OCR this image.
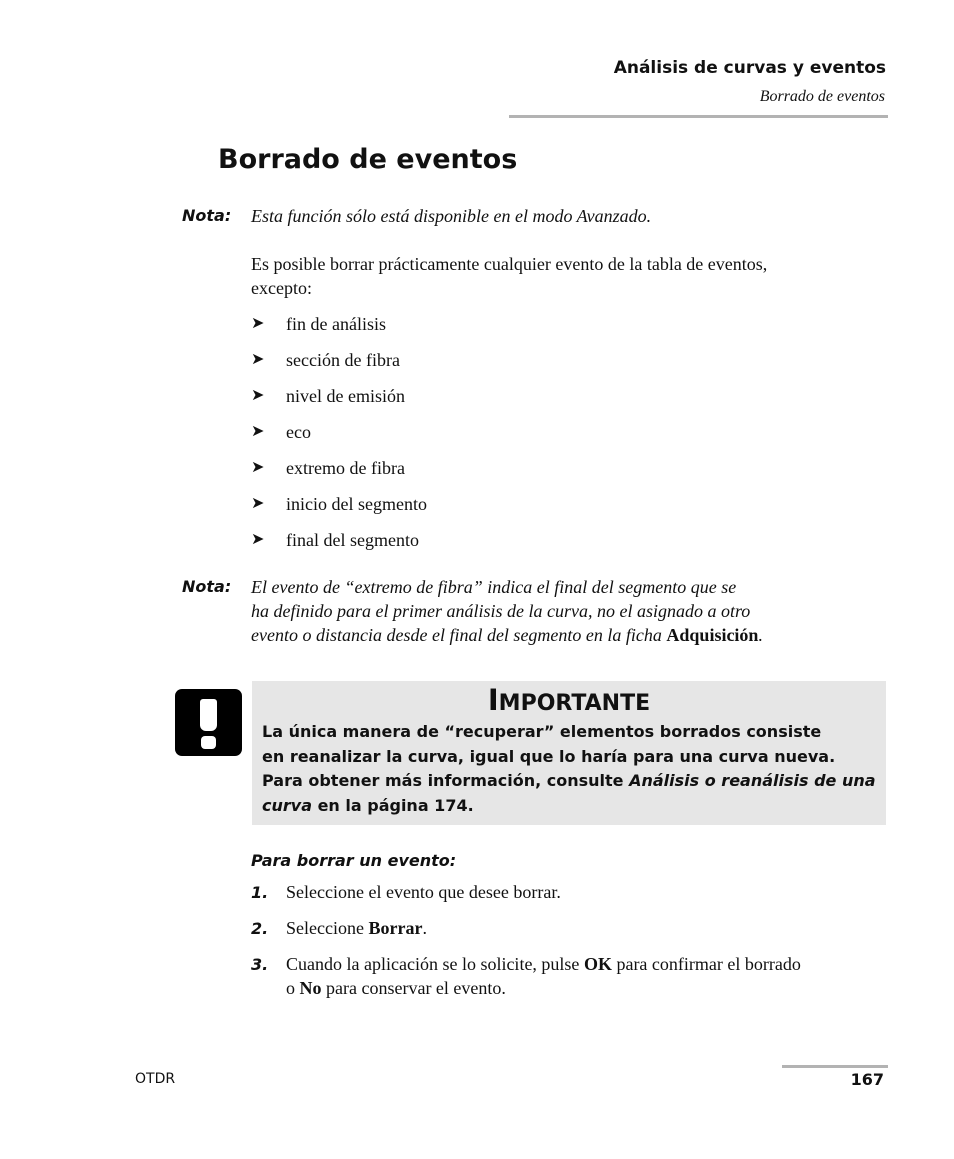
Análisis de curvas y eventos
Borrado de eventos
Borrado de eventos
Nota: Esta función sólo está disponible en el modo Avanzado.
Es posible borrar prácticamente cualquier evento de la tabla de eventos,
excepto:
➤	fin de análisis
➤	sección de fibra
➤	nivel de emisión
➤	eco
➤	extremo de fibra
➤	inicio del segmento
➤	final del segmento
Nota: El evento de “extremo de fibra” indica el final del segmento que se
ha definido para el primer análisis de la curva, no el asignado a otro
evento o distancia desde el final del segmento en la ficha Adquisición.
IMPORTANTE
La única manera de “recuperar” elementos borrados consiste
en reanalizar la curva, igual que lo haría para una curva nueva.
Para obtener más información, consulte Análisis o reanálisis de una
curva en la página 174.
Para borrar un evento:
1. Seleccione el evento que desee borrar.
2. Seleccione Borrar.
3. Cuando la aplicación se lo solicite, pulse OK para confirmar el borrado
o No para conservar el evento.
OTDR	167
